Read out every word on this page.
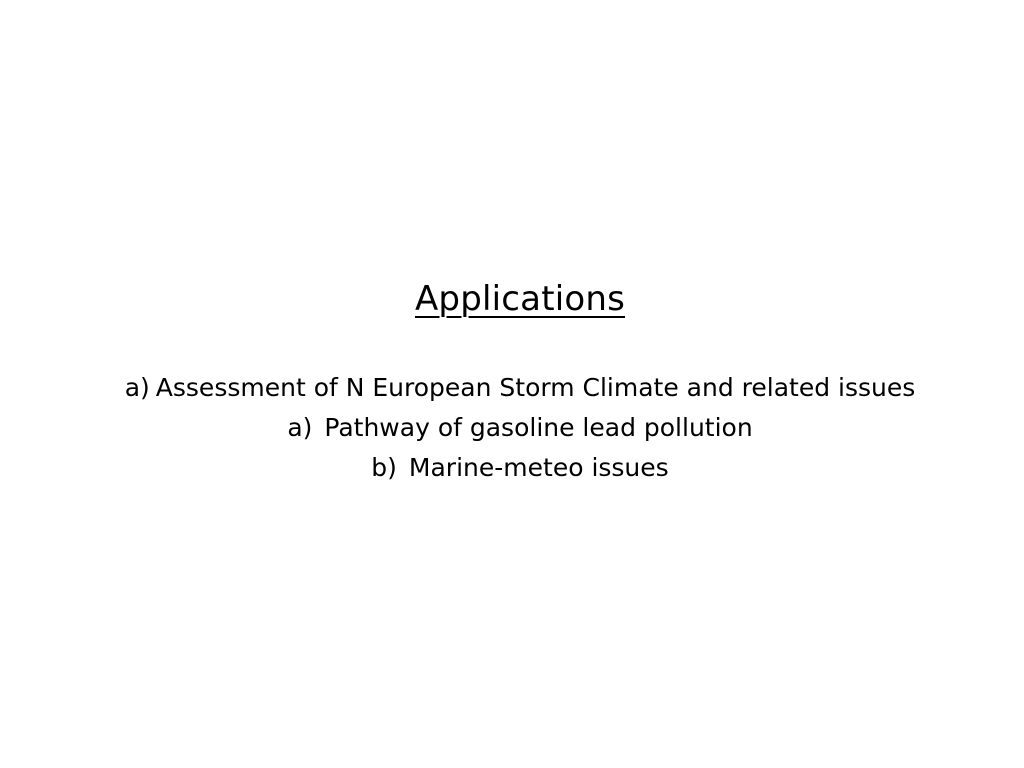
Applications
a) Assessment of N European Storm Climate and related issues
a) Pathway of gasoline lead pollution
b) Marine-meteo issues
